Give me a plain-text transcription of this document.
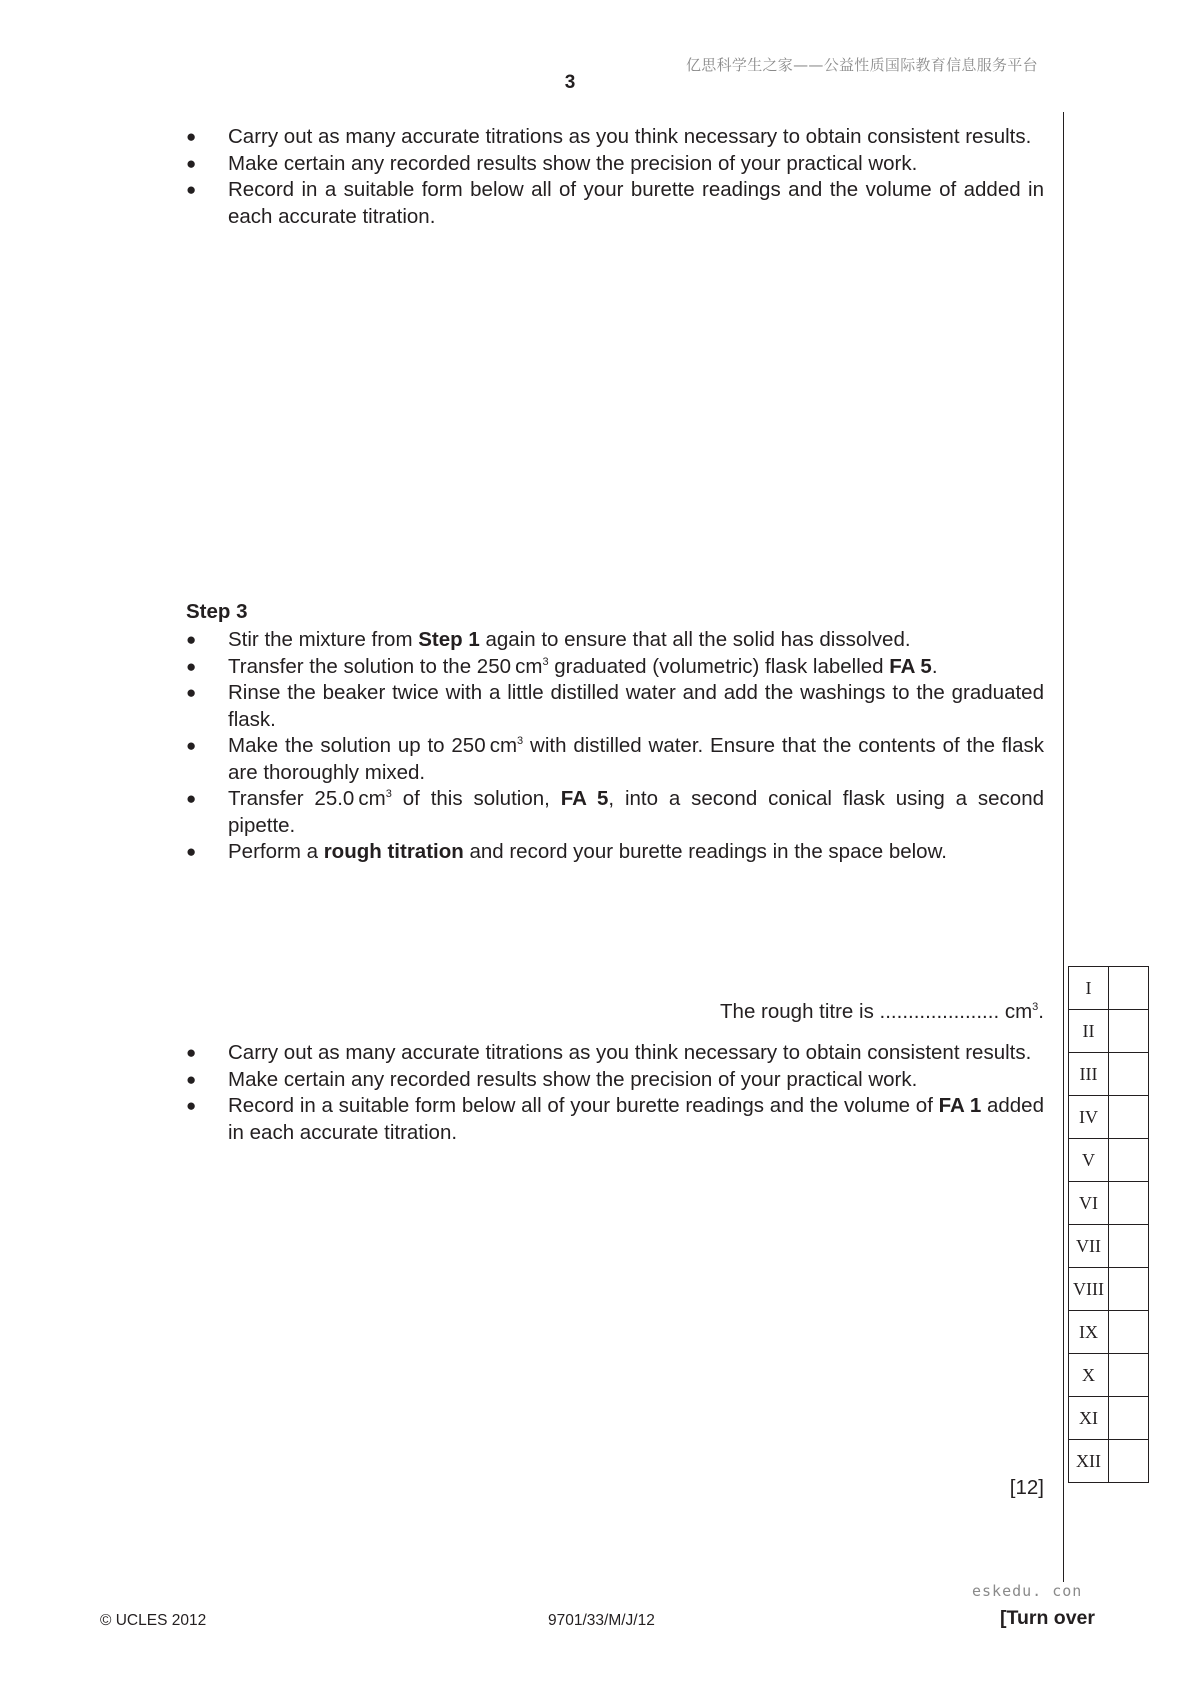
亿思科学生之家——公益性质国际教育信息服务平台
3
● Carry out as many accurate titrations as you think necessary to obtain consistent results.
● Make certain any recorded results show the precision of your practical work.
● Record in a suitable form below all of your burette readings and the volume of added in each accurate titration.
Step 3
● Stir the mixture from Step 1 again to ensure that all the solid has dissolved.
● Transfer the solution to the 250 $cm^3$ graduated (volumetric) flask labelled FA 5.
● Rinse the beaker twice with a little distilled water and add the washings to the graduated flask.
● Make the solution up to 250 $cm^3$ with distilled water. Ensure that the contents of the flask are thoroughly mixed.
● Transfer 25.0 $cm^3$ of this solution, FA 5, into a second conical flask using a second pipette.
● Perform a rough titration and record your burette readings in the space below.
The rough titre is ..................... $cm^3$.
● Carry out as many accurate titrations as you think necessary to obtain consistent results.
● Make certain any recorded results show the precision of your practical work.
● Record in a suitable form below all of your burette readings and the volume of FA 1 added in each accurate titration.
I	
II	
III	
IV	
V	
VI	
VII	
VIII	
IX	
X	
XI	
XII	
[12]
eskedu. con
© UCLES 2012	9701/33/M/J/12	[Turn over
